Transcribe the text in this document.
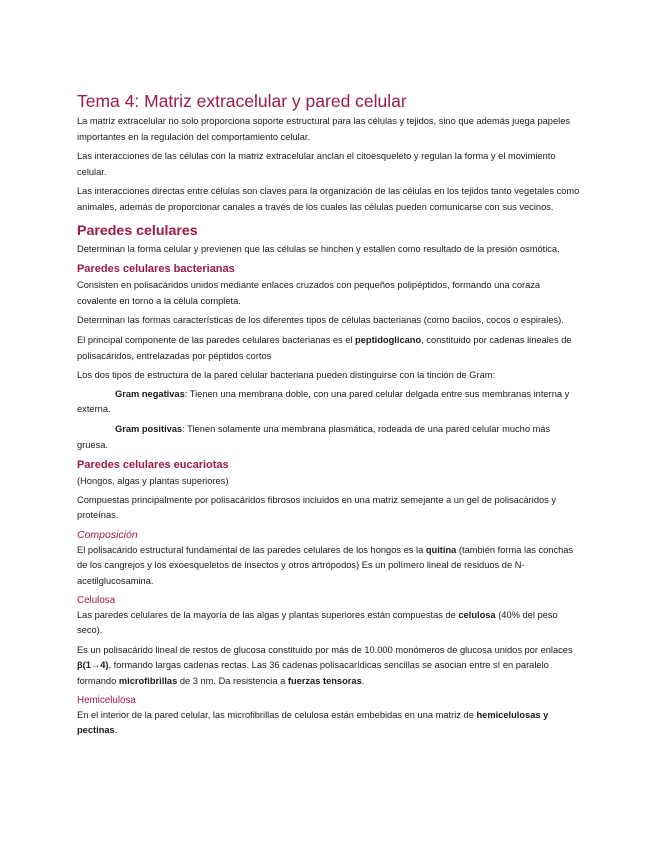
Tema 4: Matriz extracelular y pared celular

La matriz extracelular no solo proporciona soporte estructural para las células y tejidos, sino que además juega papeles importantes en la regulación del comportamiento celular.

Las interacciones de las células con la matriz extracelular anclan el citoesqueleto y regulan la forma y el movimiento celular.

Las interacciones directas entre células son claves para la organización de las células en los tejidos tanto vegetales como animales, además de proporcionar canales a través de los cuales las células pueden comunicarse con sus vecinos.

Paredes celulares

Determinan la forma celular y previenen que las células se hinchen y estallen como resultado de la presión osmótica.

Paredes celulares bacterianas

Consisten en polisacáridos unidos mediante enlaces cruzados con pequeños polipéptidos, formando una coraza covalente en torno a la célula completa.

Determinan las formas características de los diferentes tipos de células bacterianas (como bacilos, cocos o espirales).

El principal componente de las paredes celulares bacterianas es el peptidoglicano, constituido por cadenas lineales de polisacáridos, entrelazadas por péptidos cortos

Los dos tipos de estructura de la pared celular bacteriana pueden distinguirse con la tinción de Gram:

Gram negativas: Tienen una membrana doble, con una pared celular delgada entre sus membranas interna y externa.

Gram positivas: Tienen solamente una membrana plasmática, rodeada de una pared celular mucho más gruesa.

Paredes celulares eucariotas

(Hongos, algas y plantas superiores)

Compuestas principalmente por polisacáridos fibrosos incluidos en una matriz semejante a un gel de polisacáridos y proteínas.

Composición

El polisacárido estructural fundamental de las paredes celulares de los hongos es la quitina (también forma las conchas de los cangrejos y los exoesqueletos de insectos y otros artrópodos) Es un polímero lineal de residuos de N-acetilglucosamina.

Celulosa

Las paredes celulares de la mayoría de las algas y plantas superiores están compuestas de celulosa (40% del peso seco).

Es un polisacárido lineal de restos de glucosa constituido por más de 10.000 monómeros de glucosa unidos por enlaces β(1→4), formando largas cadenas rectas. Las 36 cadenas polisacarídicas sencillas se asocian entre sí en paralelo formando microfibrillas de 3 nm. Da resistencia a fuerzas tensoras.

Hemicelulosa

En el interior de la pared celular, las microfibrillas de celulosa están embebidas en una matriz de hemicelulosas y pectinas.
